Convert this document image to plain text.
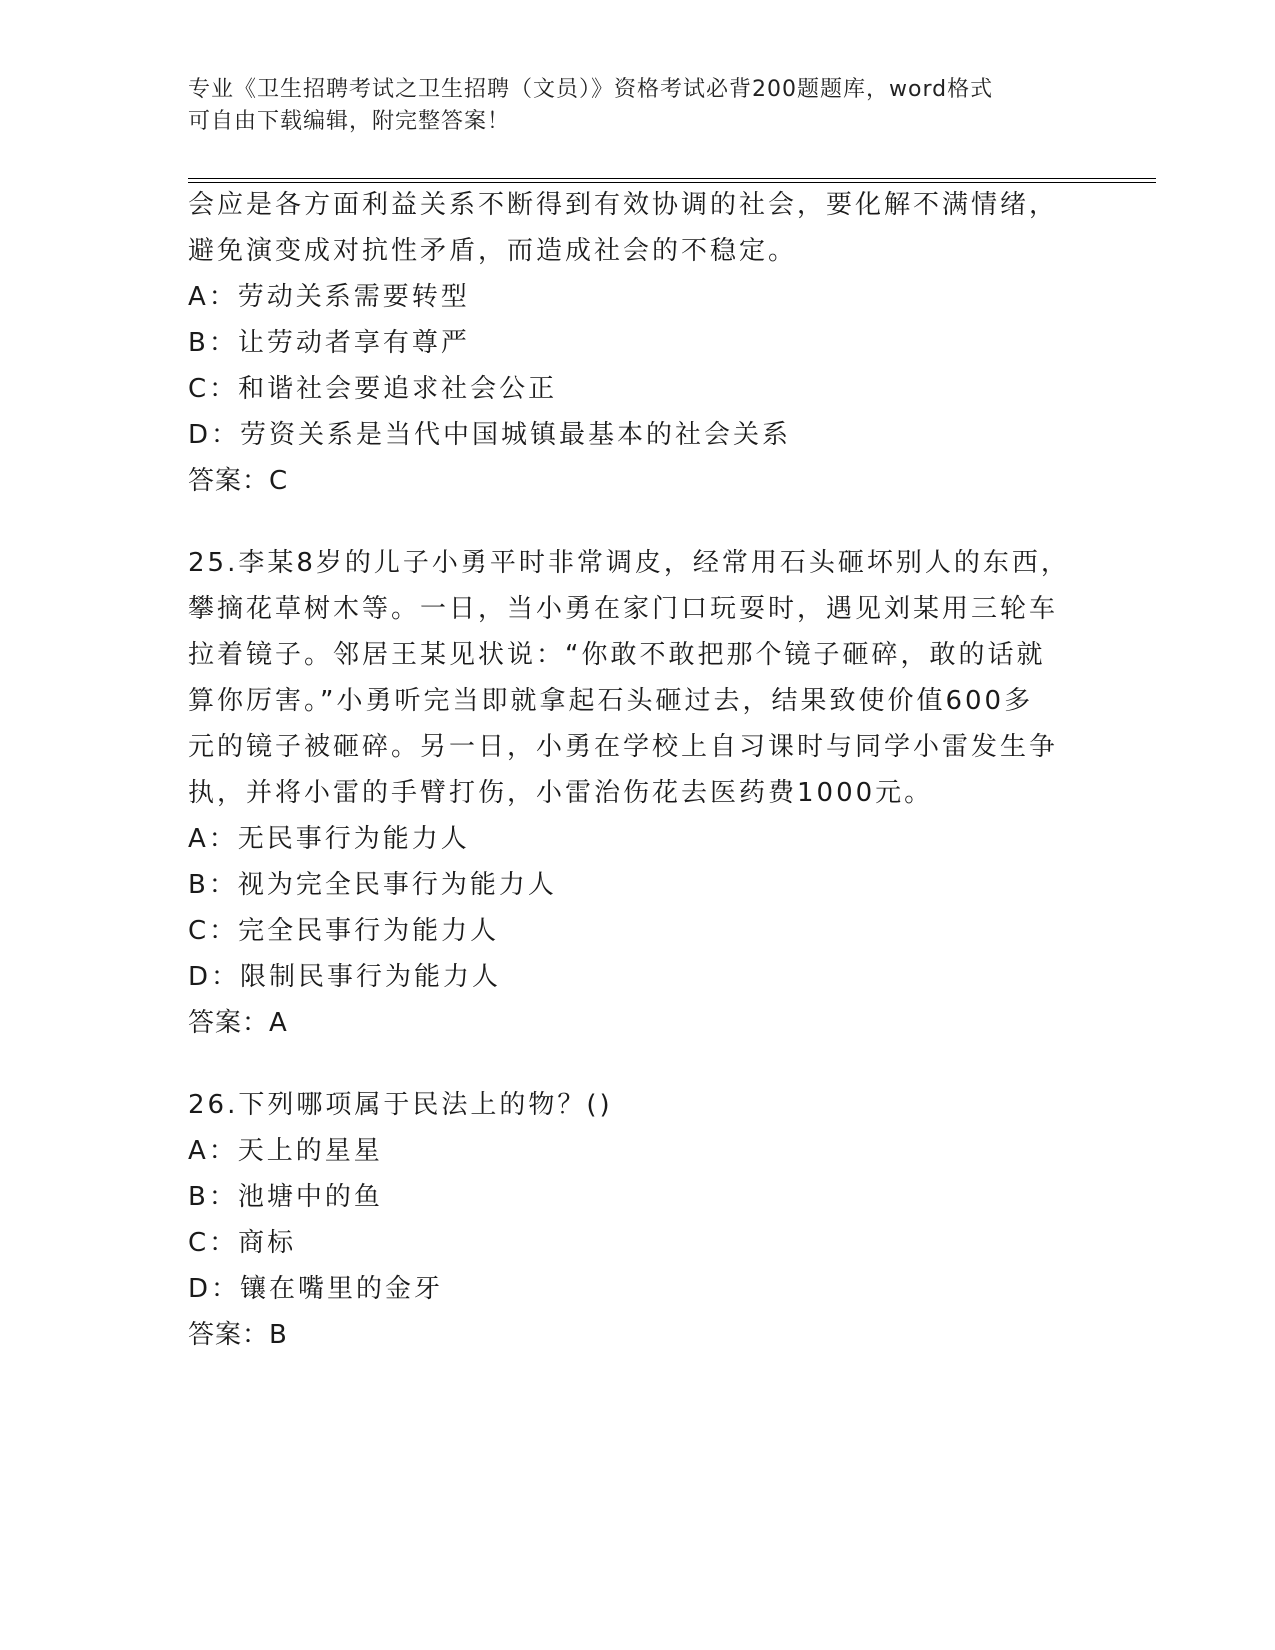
专业《卫生招聘考试之卫生招聘（文员）》资格考试必背200题题库，word格式
可自由下载编辑，附完整答案！
会应是各方面利益关系不断得到有效协调的社会，要化解不满情绪，
避免演变成对抗性矛盾，而造成社会的不稳定。
A：劳动关系需要转型
B：让劳动者享有尊严
C：和谐社会要追求社会公正
D：劳资关系是当代中国城镇最基本的社会关系
答案：C
25.李某8岁的儿子小勇平时非常调皮，经常用石头砸坏别人的东西，
攀摘花草树木等。一日，当小勇在家门口玩耍时，遇见刘某用三轮车
拉着镜子。邻居王某见状说：“你敢不敢把那个镜子砸碎，敢的话就
算你厉害。”小勇听完当即就拿起石头砸过去，结果致使价值600多
元的镜子被砸碎。另一日，小勇在学校上自习课时与同学小雷发生争
执，并将小雷的手臂打伤，小雷治伤花去医药费1000元。
A：无民事行为能力人
B：视为完全民事行为能力人
C：完全民事行为能力人
D：限制民事行为能力人
答案：A
26.下列哪项属于民法上的物？()
A：天上的星星
B：池塘中的鱼
C：商标
D：镶在嘴里的金牙
答案：B
